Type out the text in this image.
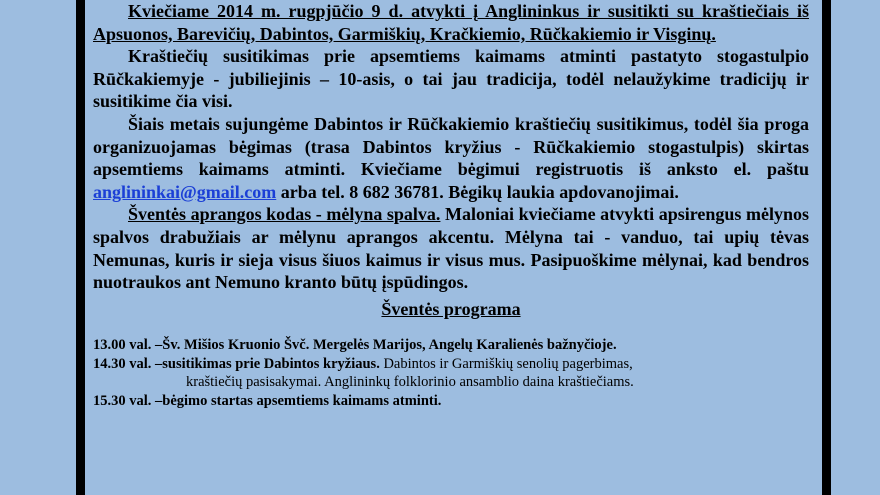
Kviečiame 2014 m. rugpjūčio 9 d. atvykti į Anglininkus ir susitikti su kraštiečiais iš Apsuonos, Barevičių, Dabintos, Garmiškių, Kračkiemio, Rūčkakiemio ir Visginų.

Kraštiečių susitikimas prie apsemtiems kaimams atminti pastatyto stogastulpio Rūčkakiemyje - jubiliejinis – 10-asis, o tai jau tradicija, todėl nelaužykime tradicijų ir susitikime čia visi.

Šiais metais sujungėme Dabintos ir Rūčkakiemio kraštiečių susitikimus, todėl šia proga organizuojamas bėgimas (trasa Dabintos kryžius - Rūčkakiemio stogastulpis) skirtas apsemtiems kaimams atminti. Kviečiame bėgimui registruotis iš anksto el. paštu anglininkai@gmail.com arba tel. 8 682 36781. Bėgikų laukia apdovanojimai.

Šventės aprangos kodas - mėlyna spalva. Maloniai kviečiame atvykti apsirengus mėlynos spalvos drabužiais ar mėlynu aprangos akcentu. Mėlyna tai - vanduo, tai upių tėvas Nemunas, kuris ir sieja visus šiuos kaimus ir visus mus. Pasipuoškime mėlynai, kad bendros nuotraukos ant Nemuno kranto būtų įspūdingos.

Šventės programa

13.00 val. – Šv. Mišios Kruonio Švč. Mergelės Marijos, Angelų Karalienės bažnyčioje.
14.30 val. – susitikimas prie Dabintos kryžiaus. Dabintos ir Garmiškių senolių pagerbimas,
kraštiečių pasisakymai. Anglininkų folklorinio ansamblio daina kraštiečiams.
15.30 val. – bėgimo startas apsemtiems kaimams atminti.
